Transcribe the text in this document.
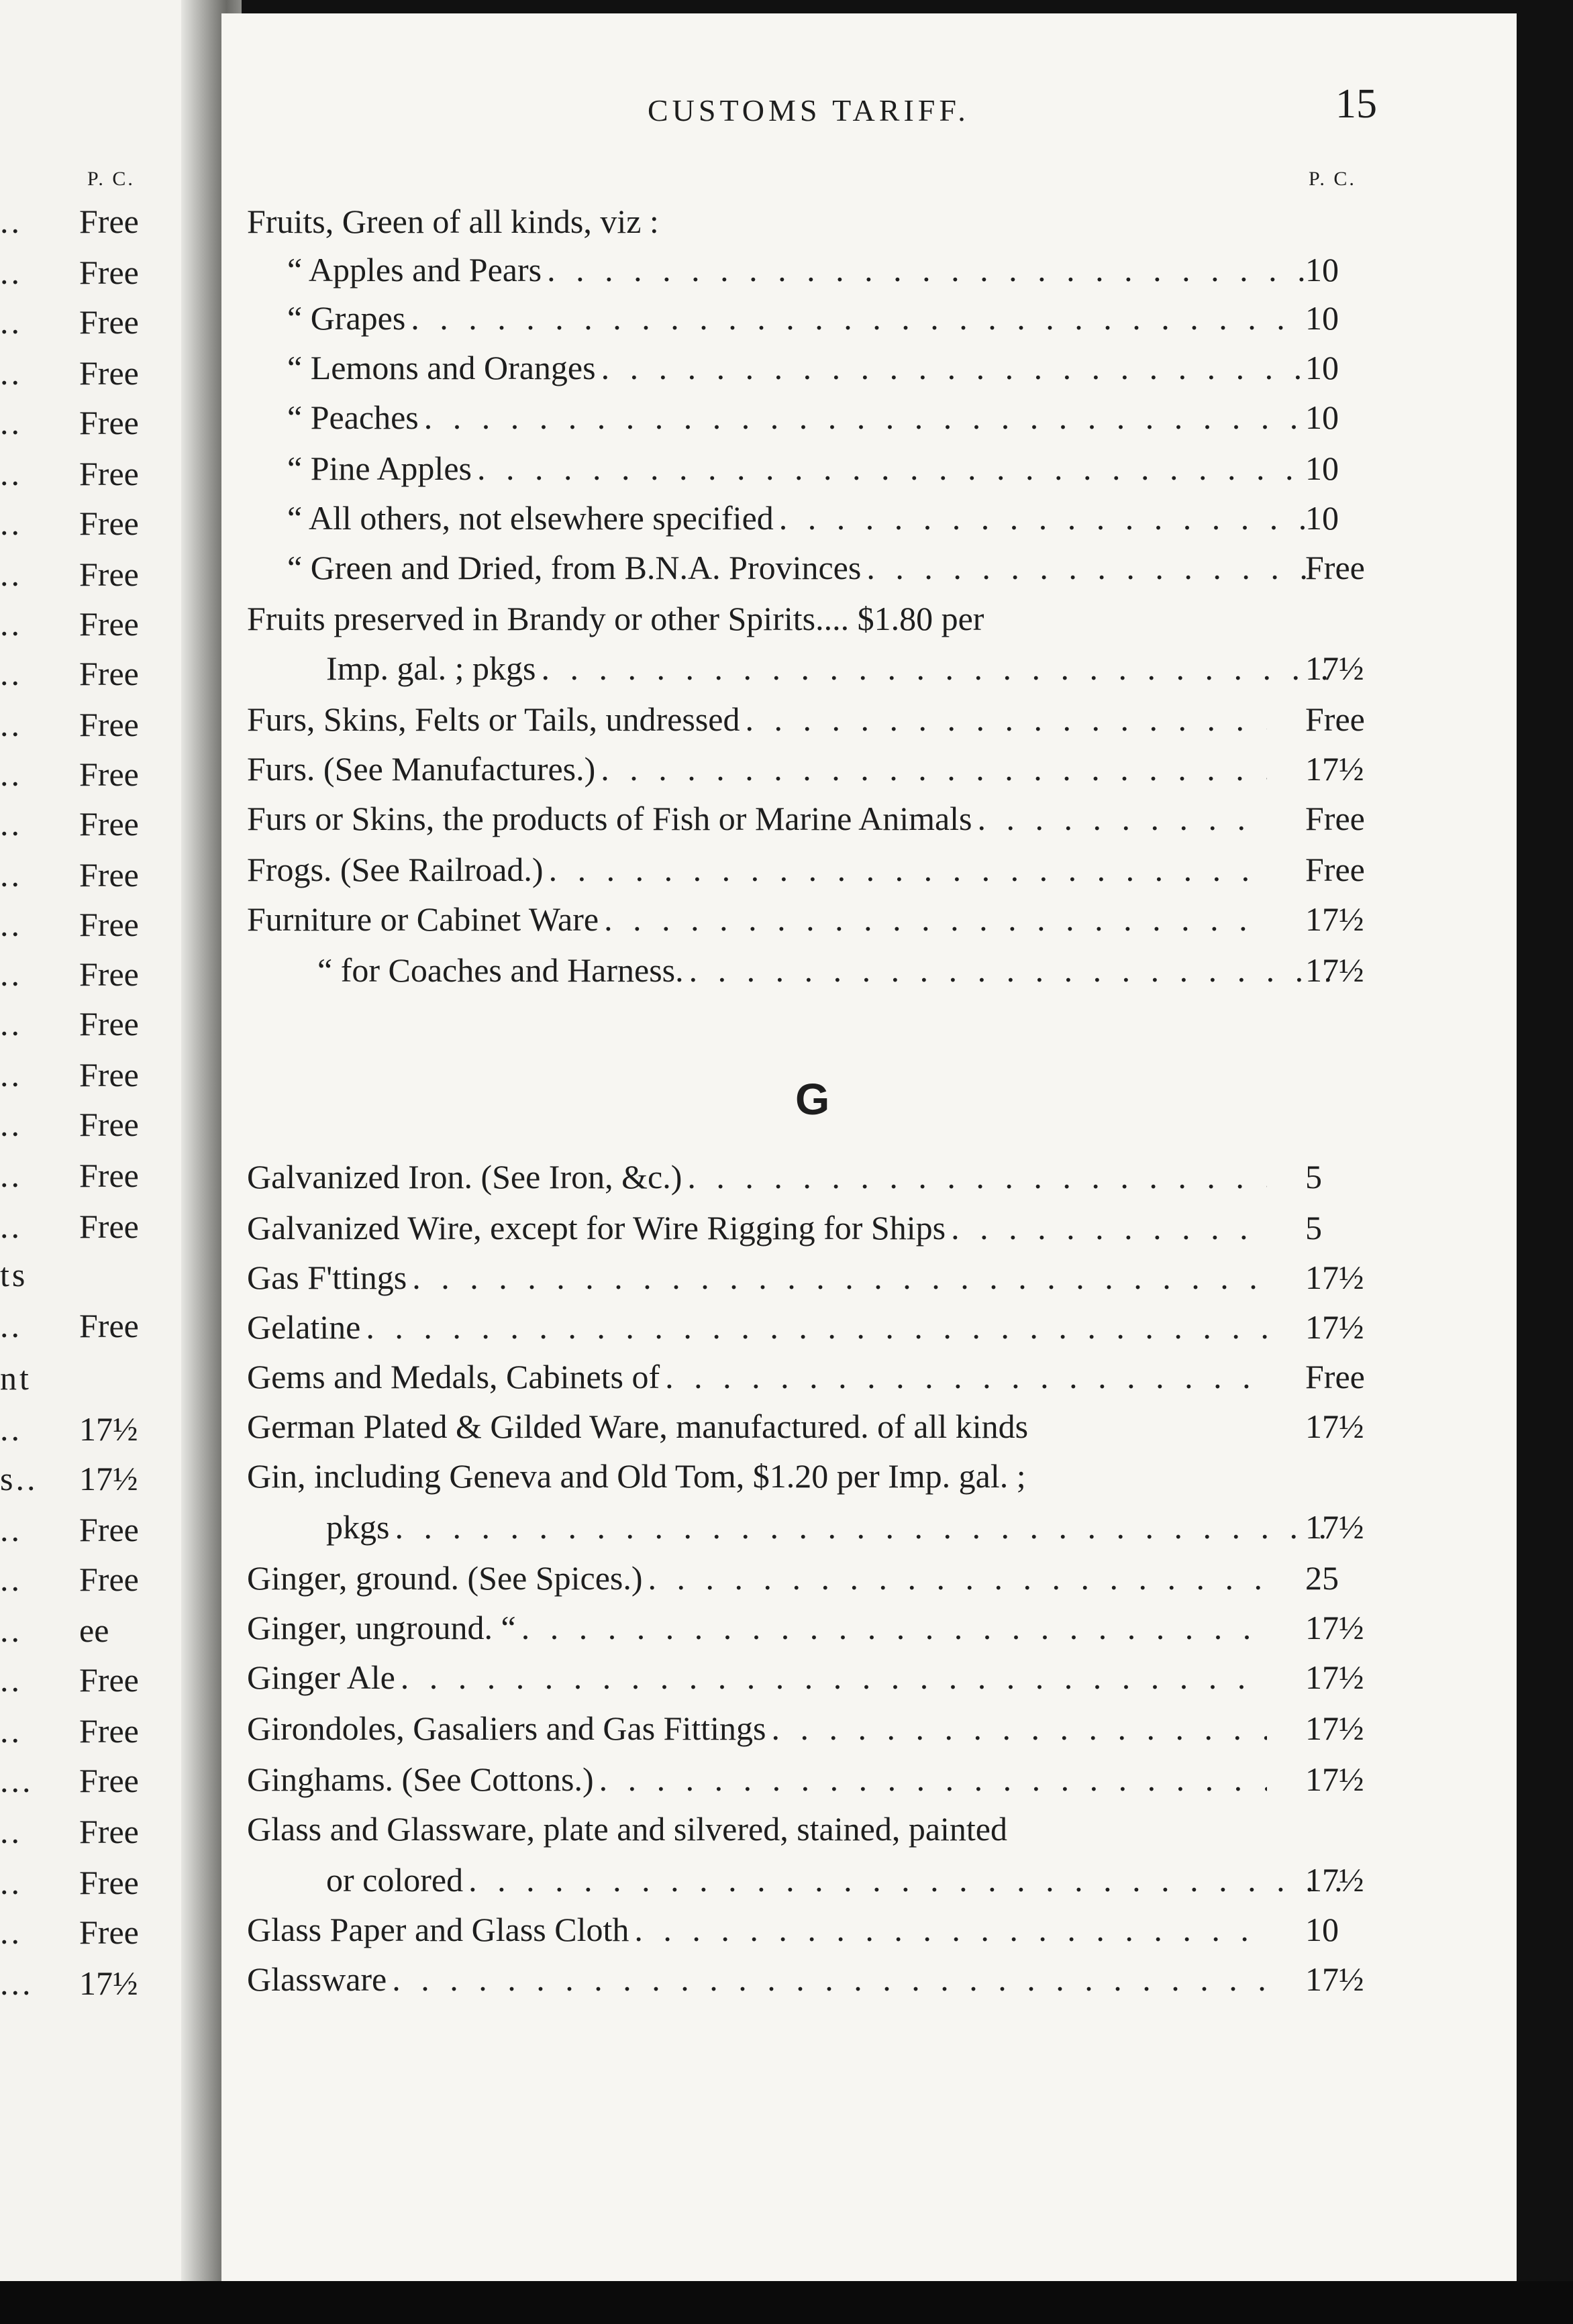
P. C.
..	Free
..	Free
..	Free
..	Free
..	Free
..	Free
..	Free
..	Free
..	Free
..	Free
..	Free
..	Free
..	Free
..	Free
..	Free
..	Free
..	Free
..	Free
..	Free
..	Free
..	Free
ts
..	Free
nt
..	17½
s..	17½
..	Free
..	Free
..	ee
..	Free
..	Free
...	Free
..	Free
..	Free
..	Free
...	17½
CUSTOMS TARIFF.	15
P. C.
G
Fruits, Green of all kinds, viz :
“ Apples and Pears . . .	10
“ Grapes . . .	10
“ Lemons and Oranges . . .	10
“ Peaches . . .	10
“ Pine Apples . . .	10
“ All others, not elsewhere specified . . .	10
“ Green and Dried, from B.N.A. Provinces . . .	Free
Fruits preserved in Brandy or other Spirits.... $1.80 per
Imp. gal. ; pkgs . . .	17½
Furs, Skins, Felts or Tails, undressed . . .	Free
Furs. (See Manufactures.) . . .	17½
Furs or Skins, the products of Fish or Marine Animals . . .	Free
Frogs. (See Railroad.) . . .	Free
Furniture or Cabinet Ware . . .	17½
“ for Coaches and Harness. . . .	17½
Galvanized Iron. (See Iron, &c.) . . .	5
Galvanized Wire, except for Wire Rigging for Ships . . .	5
Gas F'ttings . . .	17½
Gelatine . . .	17½
Gems and Medals, Cabinets of . . .	Free
German Plated & Gilded Ware, manufactured. of all kinds	17½
Gin, including Geneva and Old Tom, $1.20 per Imp. gal. ;
pkgs . . .	17½
Ginger, ground. (See Spices.) . . .	25
Ginger, unground. “ . . .	17½
Ginger Ale . . .	17½
Girondoles, Gasaliers and Gas Fittings . . .	17½
Ginghams. (See Cottons.) . . .	17½
Glass and Glassware, plate and silvered, stained, painted
or colored . . .	17½
Glass Paper and Glass Cloth . . .	10
Glassware . . .	17½
